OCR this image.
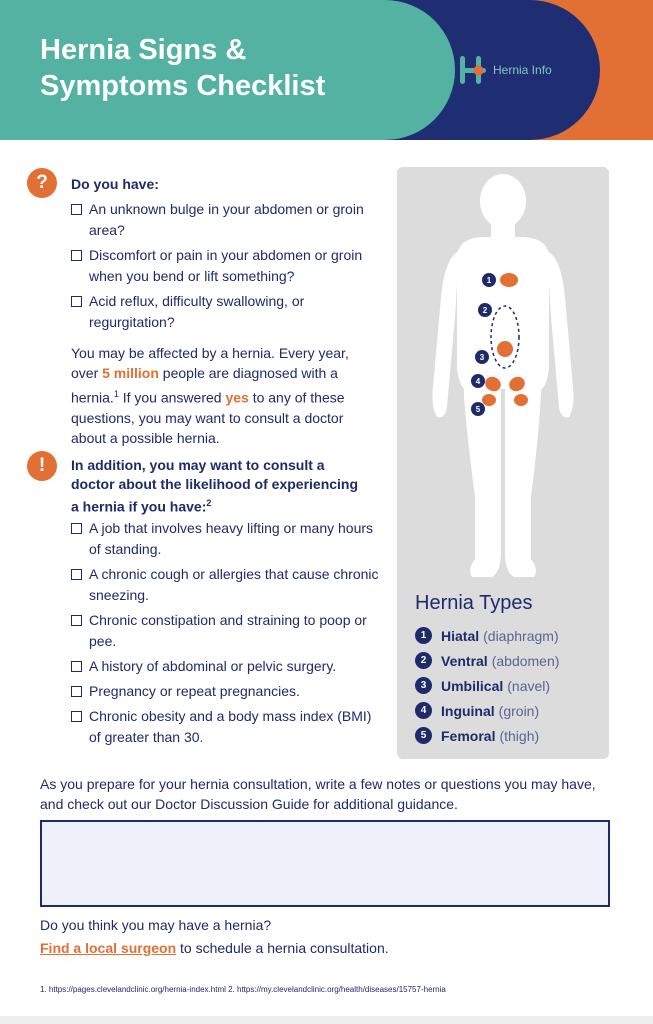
Hernia Signs & Symptoms Checklist	Hernia Info
?	Do you have:
An unknown bulge in your abdomen or groin area?
Discomfort or pain in your abdomen or groin when you bend or lift something?
Acid reflux, difficulty swallowing, or regurgitation?

You may be affected by a hernia. Every year, over 5 million people are diagnosed with a hernia.$^1$ If you answered yes to any of these questions, you may want to consult a doctor about a possible hernia.

!	In addition, you may want to consult a doctor about the likelihood of experiencing a hernia if you have:$^2$
A job that involves heavy lifting or many hours of standing.
A chronic cough or allergies that cause chronic sneezing.
Chronic constipation and straining to poop or pee.
A history of abdominal or pelvic surgery.
Pregnancy or repeat pregnancies.
Chronic obesity and a body mass index (BMI) of greater than 30.
1
2
3
4
5
Hernia Types
1	Hiatal (diaphragm)
2	Ventral (abdomen)
3	Umbilical (navel)
4	Inguinal (groin)
5	Femoral (thigh)

As you prepare for your hernia consultation, write a few notes or questions you may have, and check out our Doctor Discussion Guide for additional guidance.

Do you think you may have a hernia?

Find a local surgeon to schedule a hernia consultation.

1. https://pages.clevelandclinic.org/hernia-index.html 2. https://my.clevelandclinic.org/health/diseases/15757-hernia
